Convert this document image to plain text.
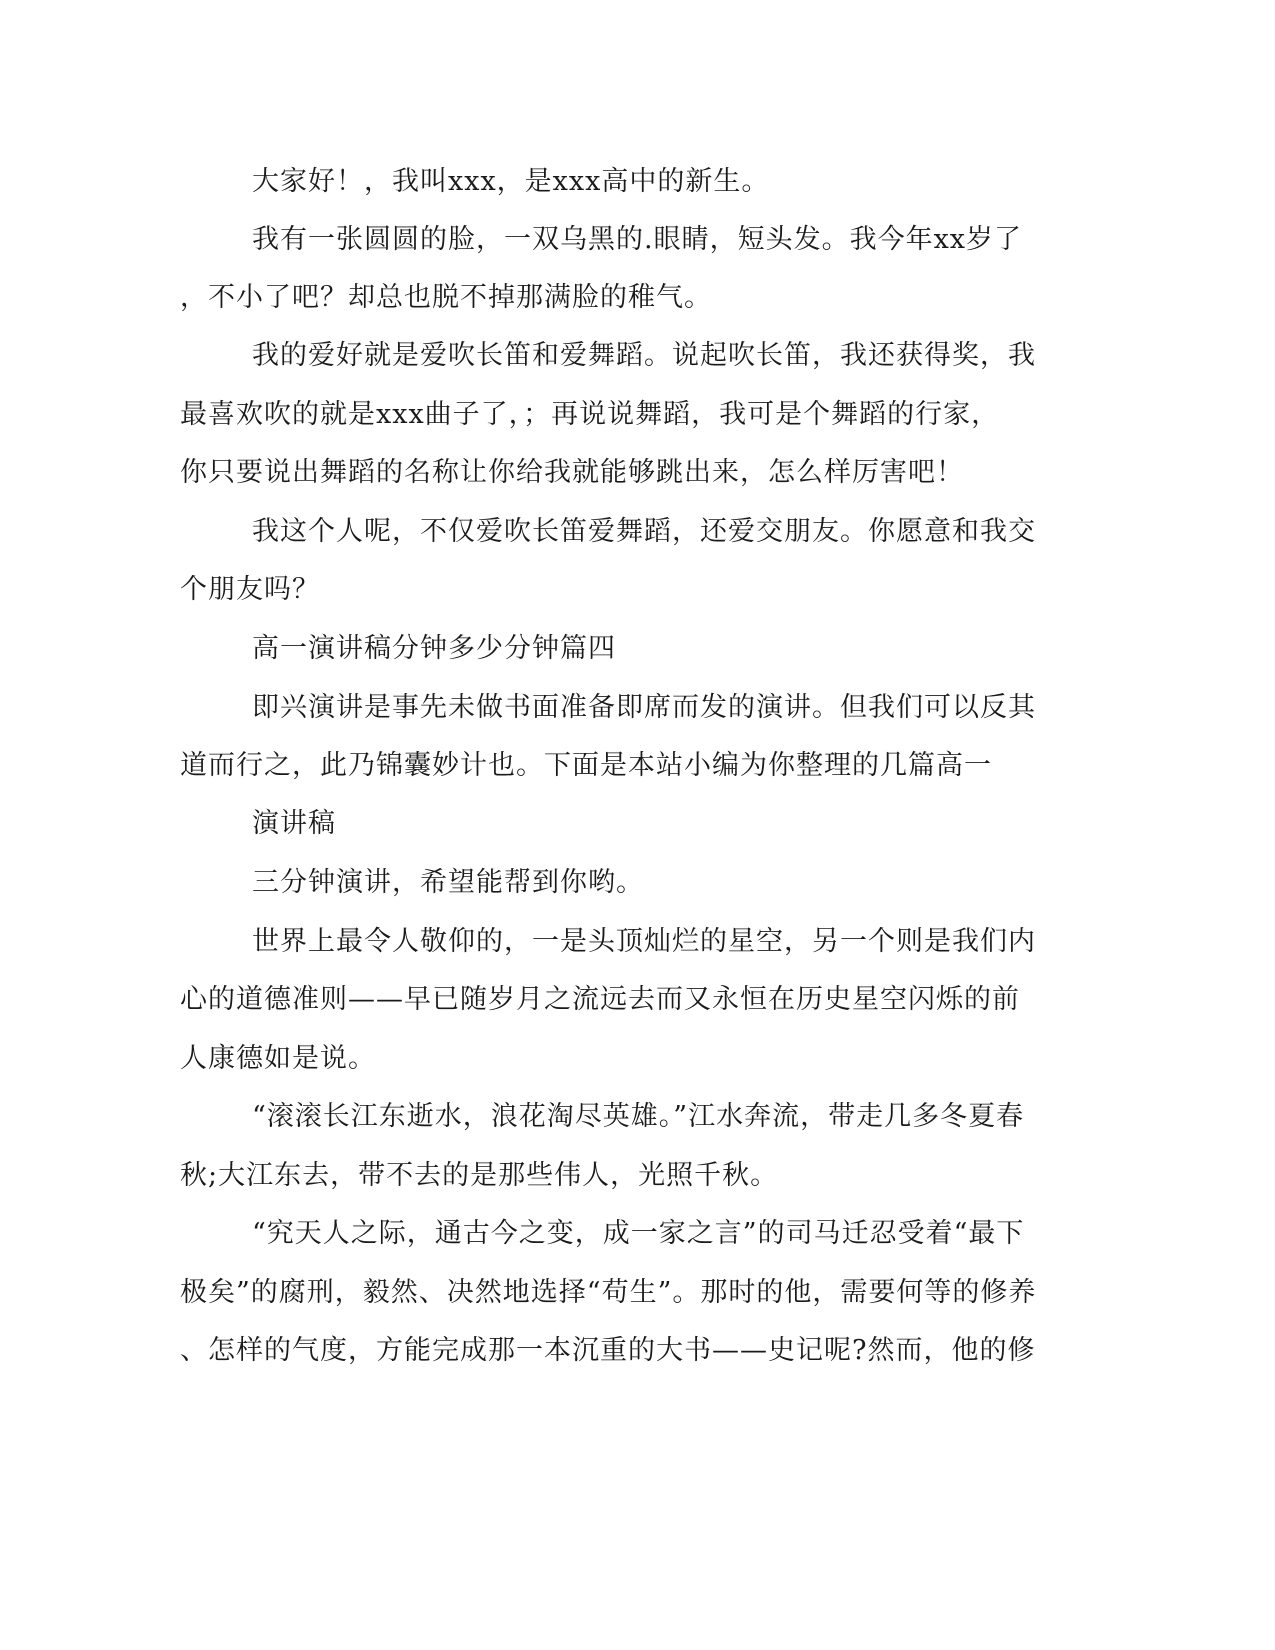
大家好！，我叫xxx，是xxx高中的新生。

我有一张圆圆的脸，一双乌黑的.眼睛，短头发。我今年xx岁了

，不小了吧？却总也脱不掉那满脸的稚气。

我的爱好就是爱吹长笛和爱舞蹈。说起吹长笛，我还获得奖，我

最喜欢吹的就是xxx曲子了，；再说说舞蹈，我可是个舞蹈的行家，

你只要说出舞蹈的名称让你给我就能够跳出来，怎么样厉害吧！

我这个人呢，不仅爱吹长笛爱舞蹈，还爱交朋友。你愿意和我交

个朋友吗？

高一演讲稿分钟多少分钟篇四

即兴演讲是事先未做书面准备即席而发的演讲。但我们可以反其

道而行之，此乃锦囊妙计也。下面是本站小编为你整理的几篇高一

演讲稿

三分钟演讲，希望能帮到你哟。

世界上最令人敬仰的，一是头顶灿烂的星空，另一个则是我们内

心的道德准则——早已随岁月之流远去而又永恒在历史星空闪烁的前

人康德如是说。

“滚滚长江东逝水，浪花淘尽英雄。”江水奔流，带走几多冬夏春

秋;大江东去，带不去的是那些伟人，光照千秋。

“究天人之际，通古今之变，成一家之言”的司马迁忍受着“最下

极矣”的腐刑，毅然、决然地选择“苟生”。那时的他，需要何等的修养

、怎样的气度，方能完成那一本沉重的大书——史记呢?然而，他的修
